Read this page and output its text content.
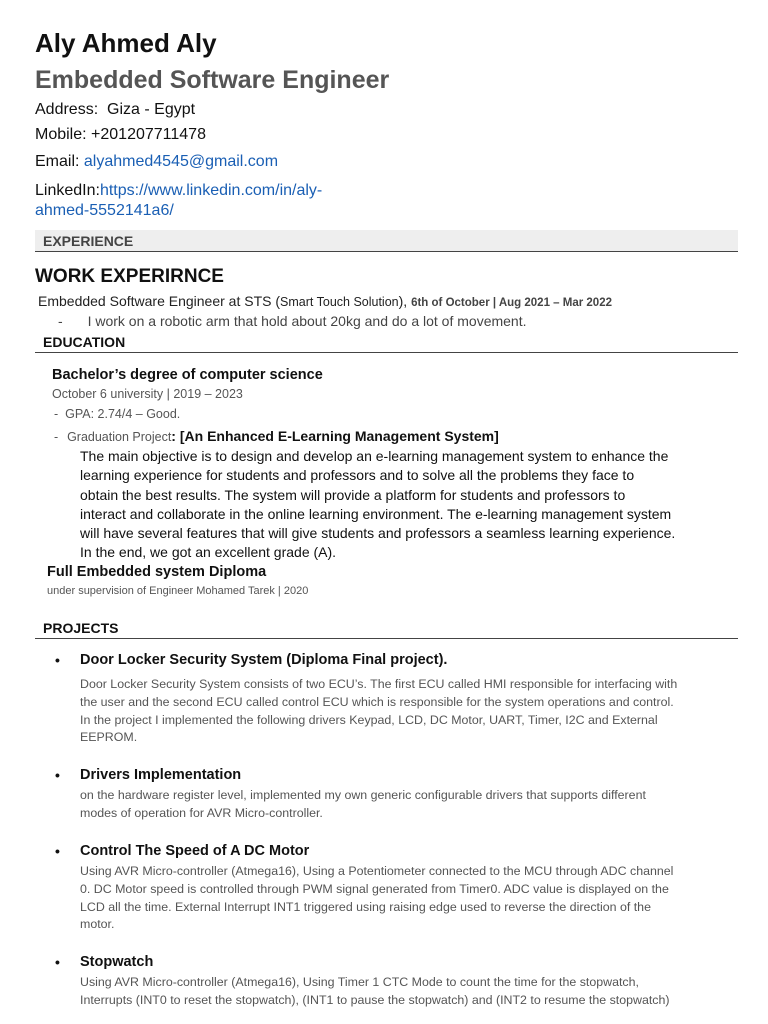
Aly Ahmed Aly
Embedded Software Engineer
Address: Giza - Egypt
Mobile: +201207711478
Email: alyahmed4545@gmail.com
LinkedIn:https://www.linkedin.com/in/aly-
ahmed-5552141a6/
EXPERIENCE
WORK EXPERIRNCE
Embedded Software Engineer at STS (Smart Touch Solution), 6th of October | Aug 2021 – Mar 2022
- I work on a robotic arm that hold about 20kg and do a lot of movement.
EDUCATION
Bachelor’s degree of computer science
October 6 university | 2019 – 2023
- GPA: 2.74/4 – Good.
- Graduation Project: [An Enhanced E-Learning Management System]
The main objective is to design and develop an e-learning management system to enhance the
learning experience for students and professors and to solve all the problems they face to
obtain the best results. The system will provide a platform for students and professors to
interact and collaborate in the online learning environment. The e-learning management system
will have several features that will give students and professors a seamless learning experience.
In the end, we got an excellent grade (A).
Full Embedded system Diploma
under supervision of Engineer Mohamed Tarek | 2020
PROJECTS
• Door Locker Security System (Diploma Final project).
Door Locker Security System consists of two ECU’s. The first ECU called HMI responsible for interfacing with
the user and the second ECU called control ECU which is responsible for the system operations and control.
In the project I implemented the following drivers Keypad, LCD, DC Motor, UART, Timer, I2C and External
EEPROM.
• Drivers Implementation
on the hardware register level, implemented my own generic configurable drivers that supports different
modes of operation for AVR Micro-controller.
• Control The Speed of A DC Motor
Using AVR Micro-controller (Atmega16), Using a Potentiometer connected to the MCU through ADC channel
0. DC Motor speed is controlled through PWM signal generated from Timer0. ADC value is displayed on the
LCD all the time. External Interrupt INT1 triggered using raising edge used to reverse the direction of the
motor.
• Stopwatch
Using AVR Micro-controller (Atmega16), Using Timer 1 CTC Mode to count the time for the stopwatch,
Interrupts (INT0 to reset the stopwatch), (INT1 to pause the stopwatch) and (INT2 to resume the stopwatch)
